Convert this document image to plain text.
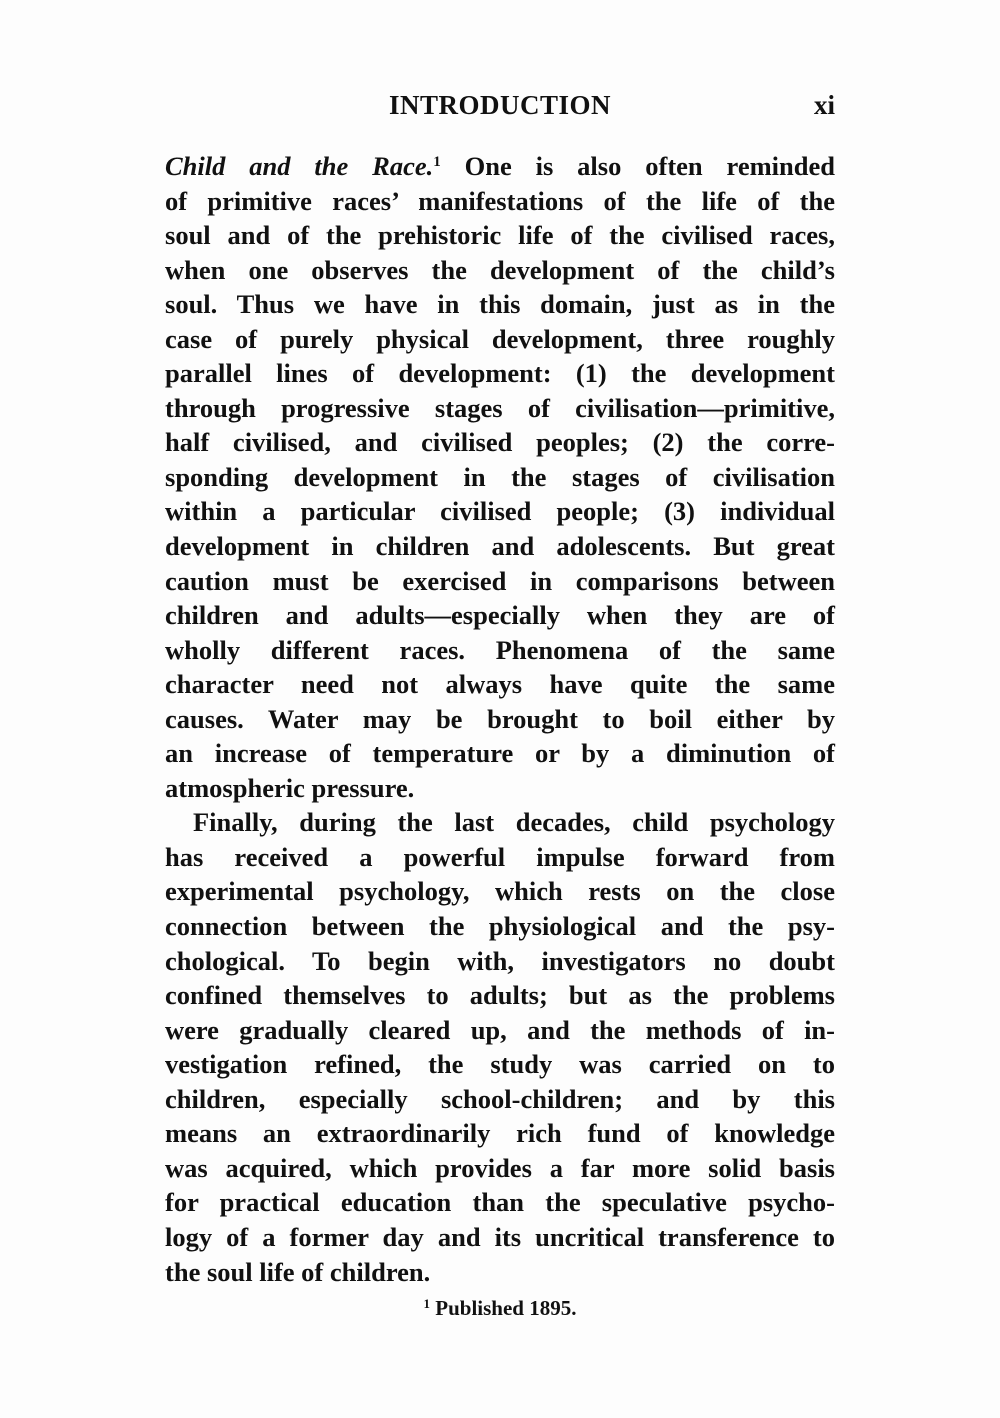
INTRODUCTION	xi
Child and the Race.$^1$ One is also often reminded
of primitive races’ manifestations of the life of the
soul and of the prehistoric life of the civilised races,
when one observes the development of the child’s
soul. Thus we have in this domain, just as in the
case of purely physical development, three roughly
parallel lines of development: (1) the development
through progressive stages of civilisation—primitive,
half civilised, and civilised peoples; (2) the corre-
sponding development in the stages of civilisation
within a particular civilised people; (3) individual
development in children and adolescents. But great
caution must be exercised in comparisons between
children and adults—especially when they are of
wholly different races. Phenomena of the same
character need not always have quite the same
causes. Water may be brought to boil either by
an increase of temperature or by a diminution of
atmospheric pressure.
Finally, during the last decades, child psychology
has received a powerful impulse forward from
experimental psychology, which rests on the close
connection between the physiological and the psy-
chological. To begin with, investigators no doubt
confined themselves to adults; but as the problems
were gradually cleared up, and the methods of in-
vestigation refined, the study was carried on to
children, especially school-children; and by this
means an extraordinarily rich fund of knowledge
was acquired, which provides a far more solid basis
for practical education than the speculative psycho-
logy of a former day and its uncritical transference to
the soul life of children.
$^1$ Published 1895.
